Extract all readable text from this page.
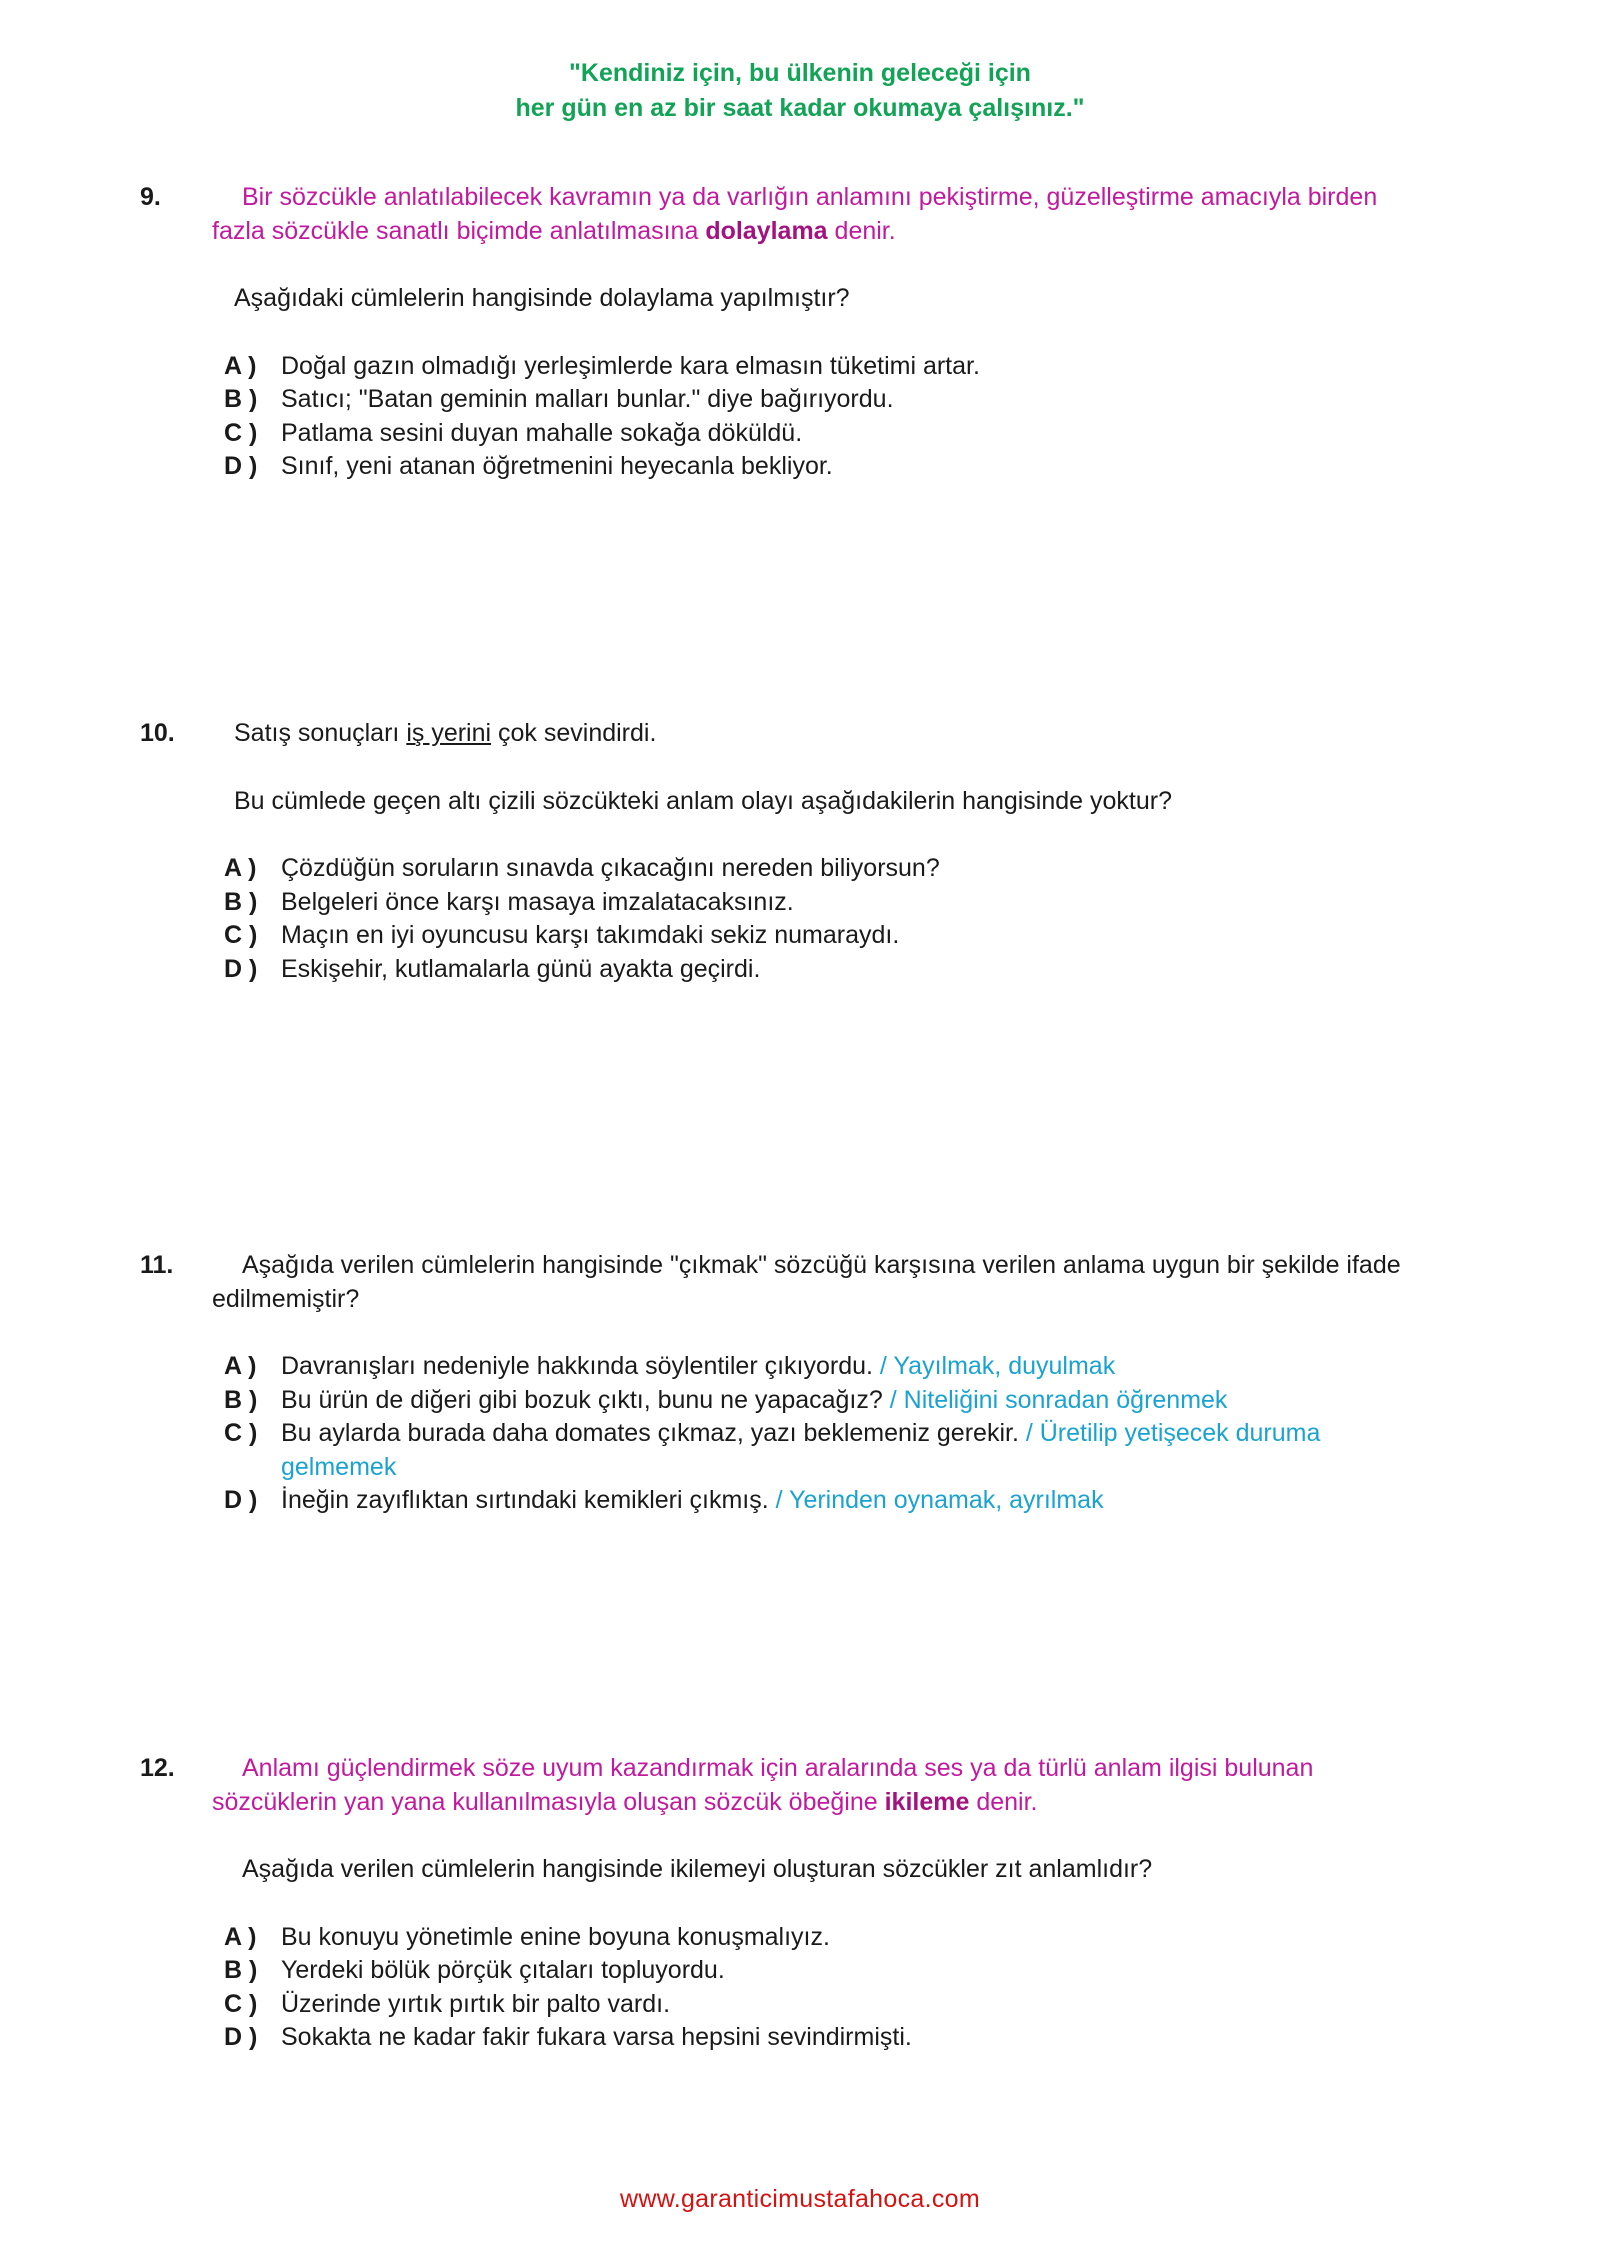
"Kendiniz için, bu ülkenin geleceği için
her gün en az bir saat kadar okumaya çalışınız."
9.	Bir sözcükle anlatılabilecek kavramın ya da varlığın anlamını pekiştirme, güzelleştirme amacıyla birden fazla sözcükle sanatlı biçimde anlatılmasına dolaylama denir.

Aşağıdaki cümlelerin hangisinde dolaylama yapılmıştır?

A ) Doğal gazın olmadığı yerleşimlerde kara elmasın tüketimi artar.
B ) Satıcı; "Batan geminin malları bunlar." diye bağırıyordu.
C ) Patlama sesini duyan mahalle sokağa döküldü.
D ) Sınıf, yeni atanan öğretmenini heyecanla bekliyor.
10.	Satış sonuçları iş yerini çok sevindirdi.

Bu cümlede geçen altı çizili sözcükteki anlam olayı aşağıdakilerin hangisinde yoktur?

A ) Çözdüğün soruların sınavda çıkacağını nereden biliyorsun?
B ) Belgeleri önce karşı masaya imzalatacaksınız.
C ) Maçın en iyi oyuncusu karşı takımdaki sekiz numaraydı.
D ) Eskişehir, kutlamalarla günü ayakta geçirdi.
11.	Aşağıda verilen cümlelerin hangisinde "çıkmak" sözcüğü karşısına verilen anlama uygun bir şekilde ifade edilmemiştir?

A ) Davranışları nedeniyle hakkında söylentiler çıkıyordu. / Yayılmak, duyulmak
B ) Bu ürün de diğeri gibi bozuk çıktı, bunu ne yapacağız? / Niteliğini sonradan öğrenmek
C ) Bu aylarda burada daha domates çıkmaz, yazı beklemeniz gerekir. / Üretilip yetişecek duruma gelmemek
D ) İneğin zayıflıktan sırtındaki kemikleri çıkmış. / Yerinden oynamak, ayrılmak
12.	Anlamı güçlendirmek söze uyum kazandırmak için aralarında ses ya da türlü anlam ilgisi bulunan sözcüklerin yan yana kullanılmasıyla oluşan sözcük öbeğine ikileme denir.

Aşağıda verilen cümlelerin hangisinde ikilemeyi oluşturan sözcükler zıt anlamlıdır?

A ) Bu konuyu yönetimle enine boyuna konuşmalıyız.
B ) Yerdeki bölük pörçük çıtaları topluyordu.
C ) Üzerinde yırtık pırtık bir palto vardı.
D ) Sokakta ne kadar fakir fukara varsa hepsini sevindirmişti.
www.garanticimustafahoca.com
